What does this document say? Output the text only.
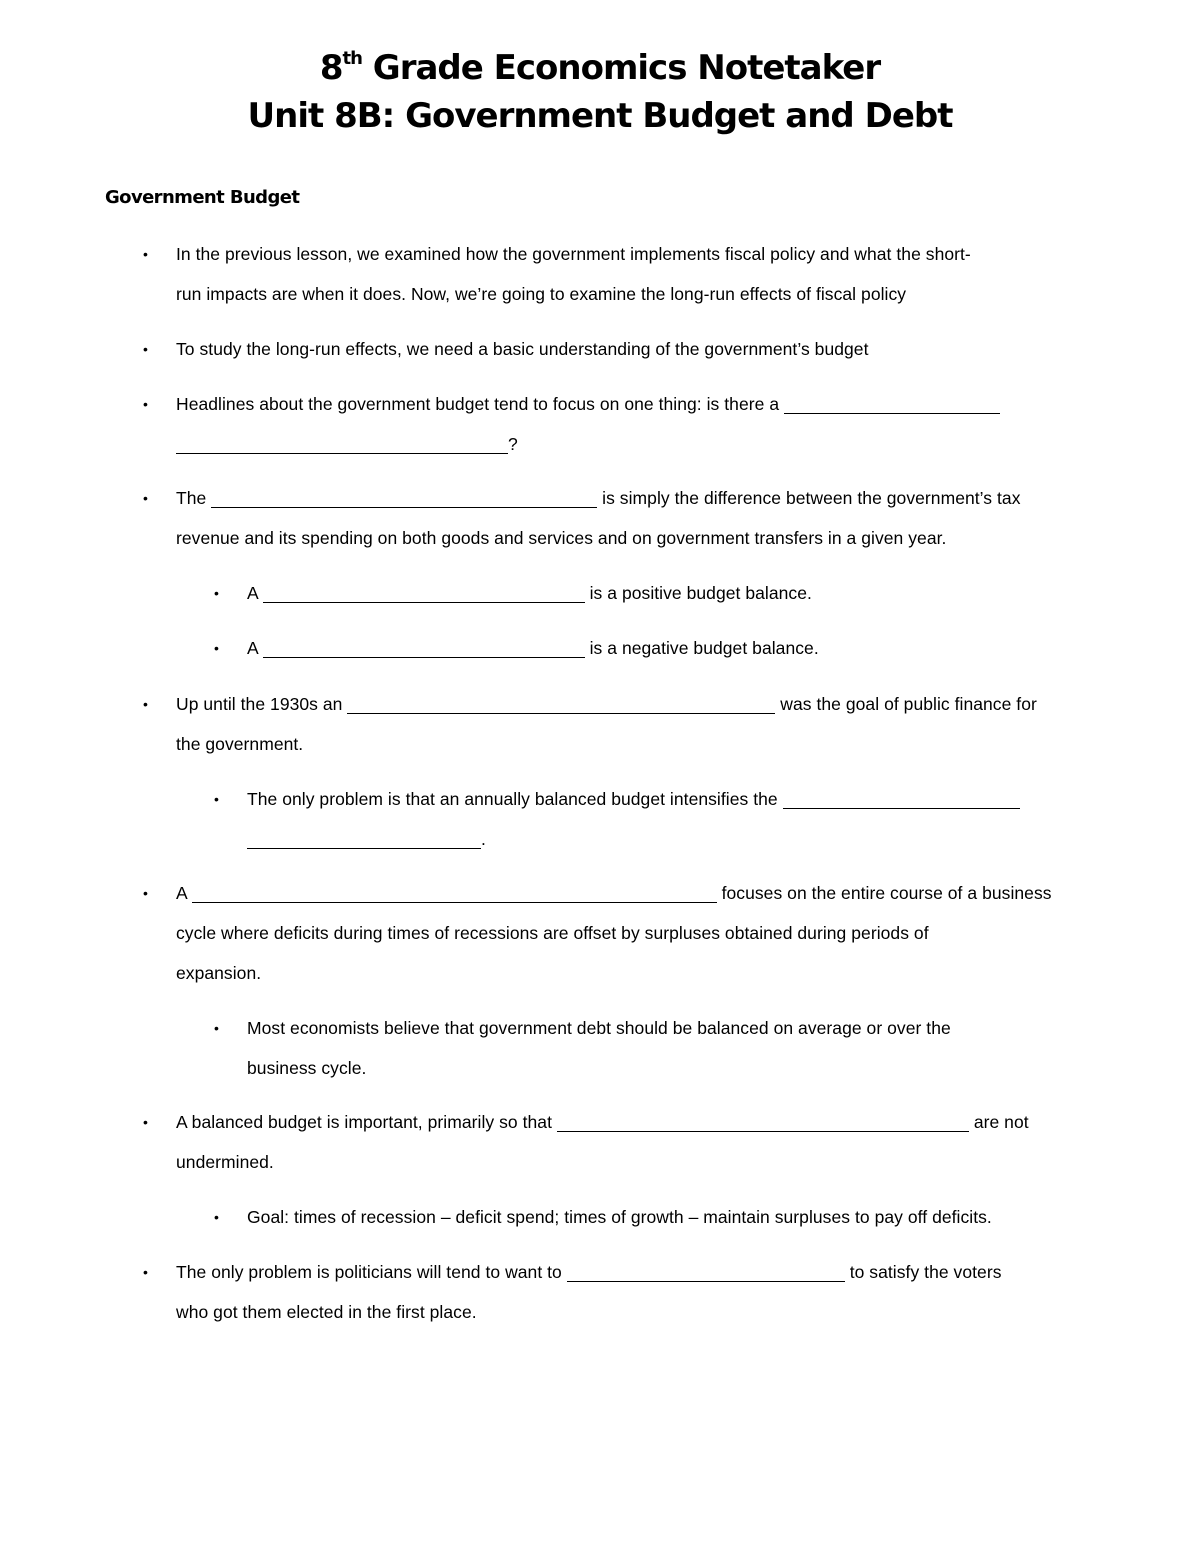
8th Grade Economics Notetaker
Unit 8B: Government Budget and Debt
Government Budget
• In the previous lesson, we examined how the government implements fiscal policy and what the short-
run impacts are when it does. Now, we’re going to examine the long-run effects of fiscal policy
• To study the long-run effects, we need a basic understanding of the government’s budget
• Headlines about the government budget tend to focus on one thing: is there a
?
• The	is simply the difference between the government’s tax
revenue and its spending on both goods and services and on government transfers in a given year.
• A	is a positive budget balance.
• A	is a negative budget balance.
• Up until the 1930s an	was the goal of public finance for
the government.
• The only problem is that an annually balanced budget intensifies the
.
• A	focuses on the entire course of a business
cycle where deficits during times of recessions are offset by surpluses obtained during periods of
expansion.
• Most economists believe that government debt should be balanced on average or over the
business cycle.
• A balanced budget is important, primarily so that	are not
undermined.
• Goal: times of recession – deficit spend; times of growth – maintain surpluses to pay off deficits.
• The only problem is politicians will tend to want to	to satisfy the voters
who got them elected in the first place.
